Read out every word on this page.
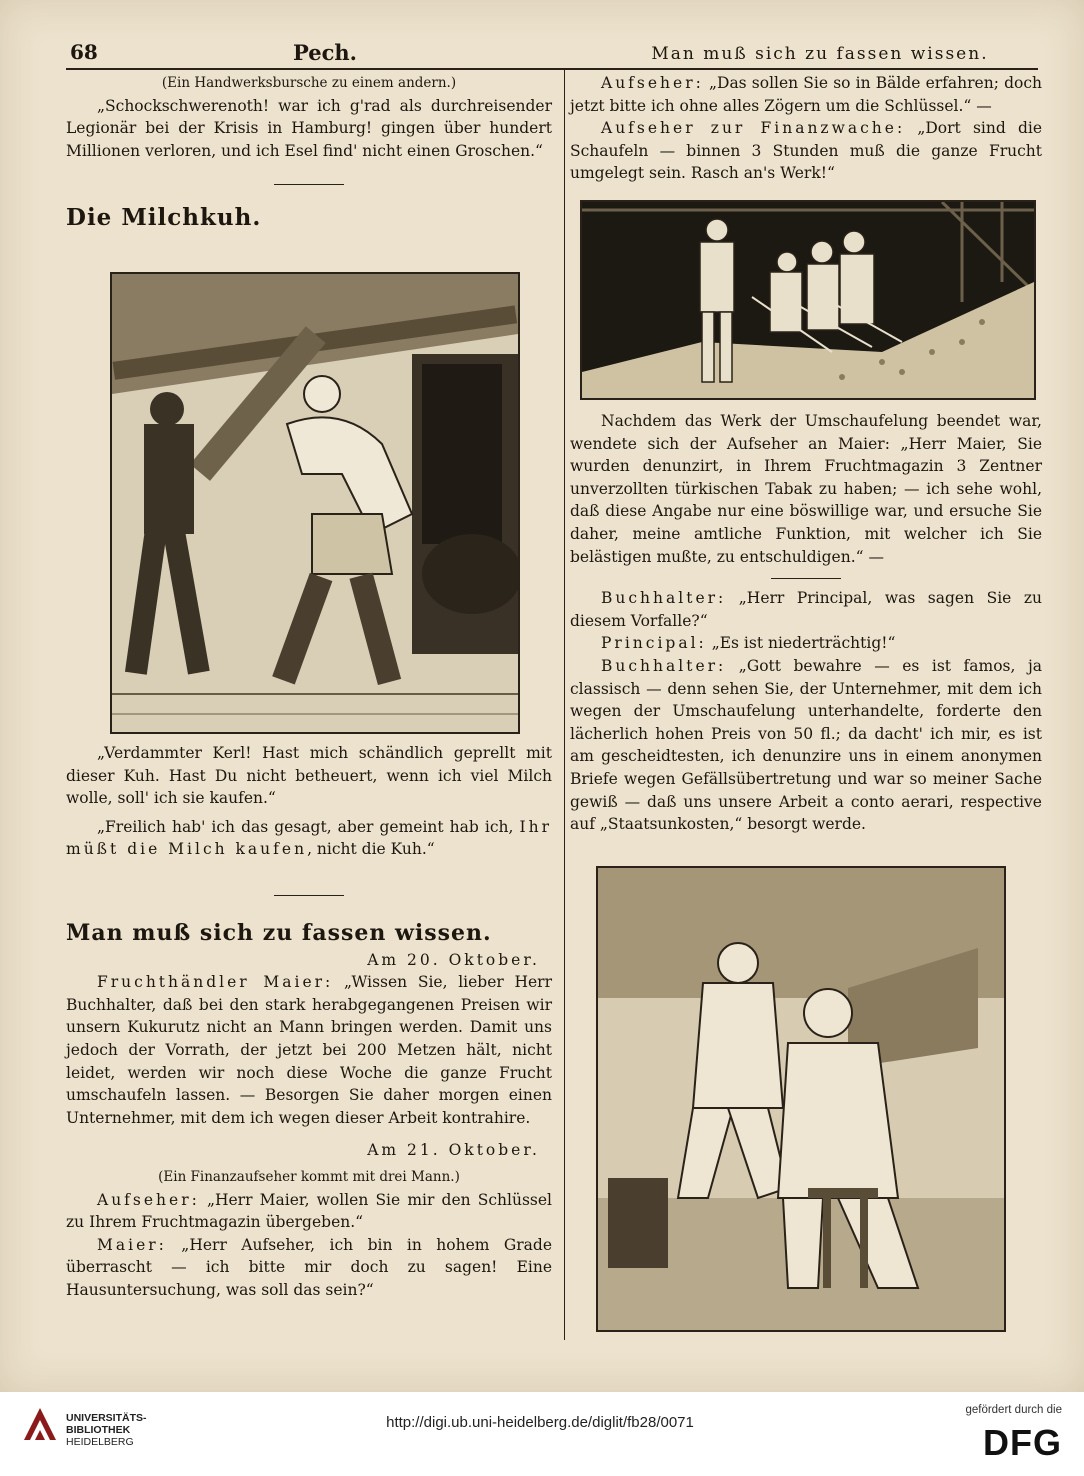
68	Pech.	Man muß sich zu fassen wissen.

(Ein Handwerksbursche zu einem andern.)

„Schockschwerenoth! war ich g'rad als durchreisender Legionär bei der Krisis in Hamburg! gingen über hundert Millionen verloren, und ich Esel find' nicht einen Groschen.“

Die Milchkuh.

„Verdammter Kerl! Hast mich schändlich geprellt mit dieser Kuh. Hast Du nicht betheuert, wenn ich viel Milch wolle, soll' ich sie kaufen.“

„Freilich hab' ich das gesagt, aber gemeint hab ich, Ihr müßt die Milch kaufen, nicht die Kuh.“

Man muß sich zu fassen wissen.

Am 20. Oktober.

Fruchthändler Maier: „Wissen Sie, lieber Herr Buchhalter, daß bei den stark herabgegangenen Preisen wir unsern Kukurutz nicht an Mann bringen werden. Damit uns jedoch der Vorrath, der jetzt bei 200 Metzen hält, nicht leidet, werden wir noch diese Woche die ganze Frucht umschaufeln lassen. — Besorgen Sie daher morgen einen Unternehmer, mit dem ich wegen dieser Arbeit kontrahire.

Am 21. Oktober.

(Ein Finanzaufseher kommt mit drei Mann.)

Aufseher: „Herr Maier, wollen Sie mir den Schlüssel zu Ihrem Fruchtmagazin übergeben.“

Maier: „Herr Aufseher, ich bin in hohem Grade überrascht — ich bitte mir doch zu sagen! Eine Hausuntersuchung, was soll das sein?“

Aufseher: „Das sollen Sie so in Bälde erfahren; doch jetzt bitte ich ohne alles Zögern um die Schlüssel.“ —

Aufseher zur Finanzwache: „Dort sind die Schaufeln — binnen 3 Stunden muß die ganze Frucht umgelegt sein. Rasch an's Werk!“

Nachdem das Werk der Umschaufelung beendet war, wendete sich der Aufseher an Maier: „Herr Maier, Sie wurden denunzirt, in Ihrem Fruchtmagazin 3 Zentner unverzollten türkischen Tabak zu haben; — ich sehe wohl, daß diese Angabe nur eine böswillige war, und ersuche Sie daher, meine amtliche Funktion, mit welcher ich Sie belästigen mußte, zu entschuldigen.“ —

Buchhalter: „Herr Principal, was sagen Sie zu diesem Vorfalle?“

Principal: „Es ist niederträchtig!“

Buchhalter: „Gott bewahre — es ist famos, ja classisch — denn sehen Sie, der Unternehmer, mit dem ich wegen der Umschaufelung unterhandelte, forderte den lächerlich hohen Preis von 50 fl.; da dacht' ich mir, es ist am gescheidtesten, ich denunzire uns in einem anonymen Briefe wegen Gefällsübertretung und war so meiner Sache gewiß — daß uns unsere Arbeit a conto aerari, respective auf „Staatsunkosten,“ besorgt werde.

UNIVERSITÄTS-
BIBLIOTHEK
HEIDELBERG
http://digi.ub.uni-heidelberg.de/diglit/fb28/0071
gefördert durch die
DFG
